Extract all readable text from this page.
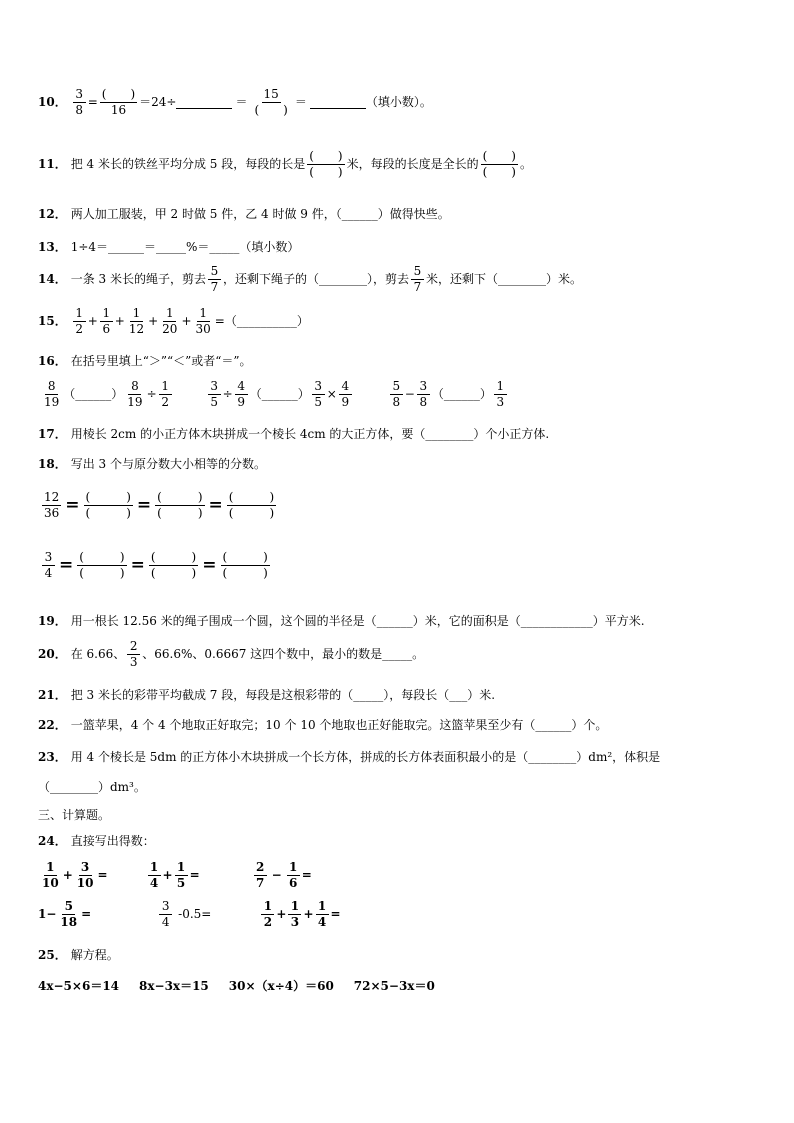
10． $\frac{3}{8} = \frac{( )}{16} =24\div$	＝ $\frac{15}{( )}$ ＝	（填小数）。
11． 把 4 米长的铁丝平均分成 5 段，每段的长是 $\frac{( )}{( )}$ 米，每段的长度是全长的 $\frac{( )}{( )}$ 。
12． 两人加工服装，甲 2 时做 5 件，乙 4 时做 9 件，（______）做得快些。
13． 1÷4＝______＝_____%＝_____（填小数）
14． 一条 3 米长的绳子，剪去 $\frac{5}{7}$ ，还剩下绳子的（________），剪去 $\frac{5}{7}$ 米，还剩下（________）米。
15． $\frac{1}{2} + \frac{1}{6} + \frac{1}{12} + \frac{1}{20} + \frac{1}{30}$ =（__________）
16． 在括号里填上“＞”“＜”或者“＝”。
$\frac{8}{19}$ （______） $\frac{8}{19} \div \frac{1}{2}$	$\frac{3}{5} \div \frac{4}{9}$ （______） $\frac{3}{5} \times \frac{4}{9}$	$\frac{5}{8} - \frac{3}{8}$ （______） $\frac{1}{3}$
17． 用棱长 2cm 的小正方体木块拼成一个棱长 4cm 的大正方体，要（________）个小正方体.
18． 写出 3 个与原分数大小相等的分数。
$\frac{12}{36} = \frac{( )}{( )} = \frac{( )}{( )} = \frac{( )}{( )}$
$\frac{3}{4} = \frac{( )}{( )} = \frac{( )}{( )} = \frac{( )}{( )}$
19． 用一根长 12.56 米的绳子围成一个圆，这个圆的半径是（______）米，它的面积是（____________）平方米.
20． 在 6.66、 $\frac{2}{3}$ 、66.6%、0.6667 这四个数中，最小的数是_____。
21． 把 3 米长的彩带平均截成 7 段，每段是这根彩带的（_____），每段长（___）米.
22． 一篮苹果，4 个 4 个地取正好取完；10 个 10 个地取也正好能取完。这篮苹果至少有（______）个。
23． 用 4 个棱长是 5dm 的正方体小木块拼成一个长方体，拼成的长方体表面积最小的是（________）dm²，体积是
（________）dm³。
三、计算题。
24． 直接写出得数：
$\frac{1}{10} + \frac{3}{10}$ =	$\frac{1}{4} + \frac{1}{5}$ =	$\frac{2}{7} - \frac{1}{6}$ =
$1- \frac{5}{18}$ =	$\frac{3}{4} -0.5=$	$\frac{1}{2} + \frac{1}{3} + \frac{1}{4}$ =
25． 解方程。
4x−5×6＝14 8x−3x＝15 30×（x÷4）＝60 72×5−3x＝0
